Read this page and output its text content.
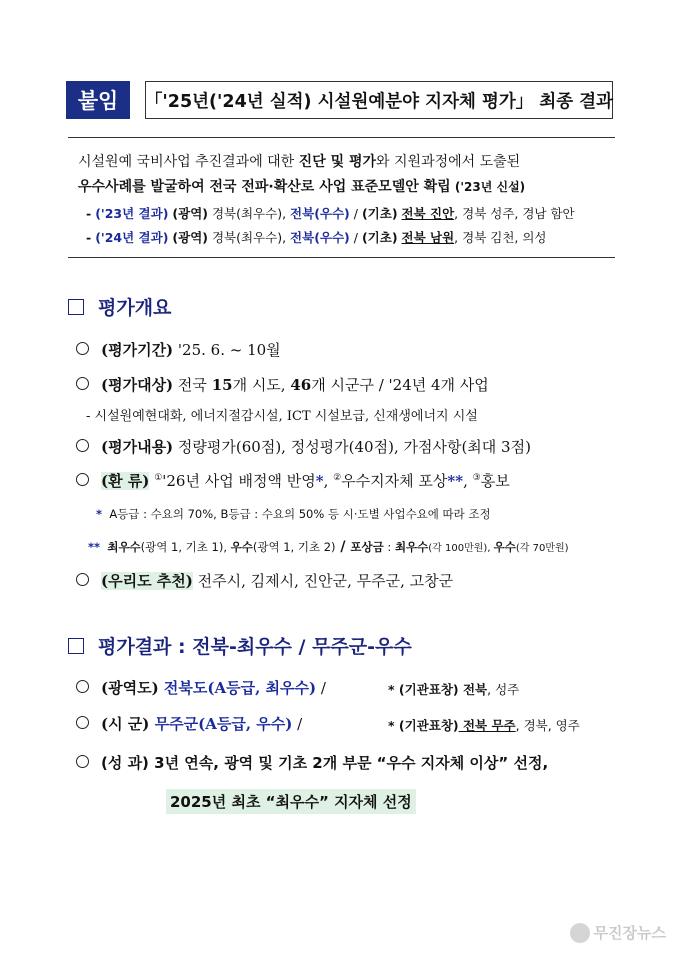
붙임	「'25년('24년 실적) 시설원예분야 지자체 평가」 최종 결과
시설원예 국비사업 추진결과에 대한 진단 및 평가와 지원과정에서 도출된
우수사례를 발굴하여 전국 전파·확산로 사업 표준모델안 확립 ('23년 신설)
- ('23년 결과) (광역) 경북(최우수), 전북(우수) / (기초) 전북 진안, 경북 성주, 경남 함안
- ('24년 결과) (광역) 경북(최우수), 전북(우수) / (기초) 전북 남원, 경북 김천, 의성
평가개요
(평가기간) '25. 6. ~ 10월
(평가대상) 전국 15개 시도, 46개 시군구 / '24년 4개 사업
- 시설원예현대화, 에너지절감시설, ICT 시설보급, 신재생에너지 시설
(평가내용) 정량평가(60점), 정성평가(40점), 가점사항(최대 3점)
(환 류) ①'26년 사업 배정액 반영*, ②우수지자체 포상**, ③홍보
* A등급 : 수요의 70%, B등급 : 수요의 50% 등 시·도별 사업수요에 따라 조정
** 최우수(광역 1, 기초 1), 우수(광역 1, 기초 2) / 포상금 : 최우수(각 100만원), 우수(각 70만원)
(우리도 추천) 전주시, 김제시, 진안군, 무주군, 고창군
평가결과 : 전북-최우수 / 무주군-우수
(광역도) 전북도(A등급, 최우수) /	* (기관표창) 전북, 성주
(시 군) 무주군(A등급, 우수) /	* (기관표창) 전북 무주, 경북, 영주
(성 과) 3년 연속, 광역 및 기초 2개 부문 “우수 지자체 이상” 선정,
2025년 최초 “최우수” 지자체 선정
무진장뉴스
